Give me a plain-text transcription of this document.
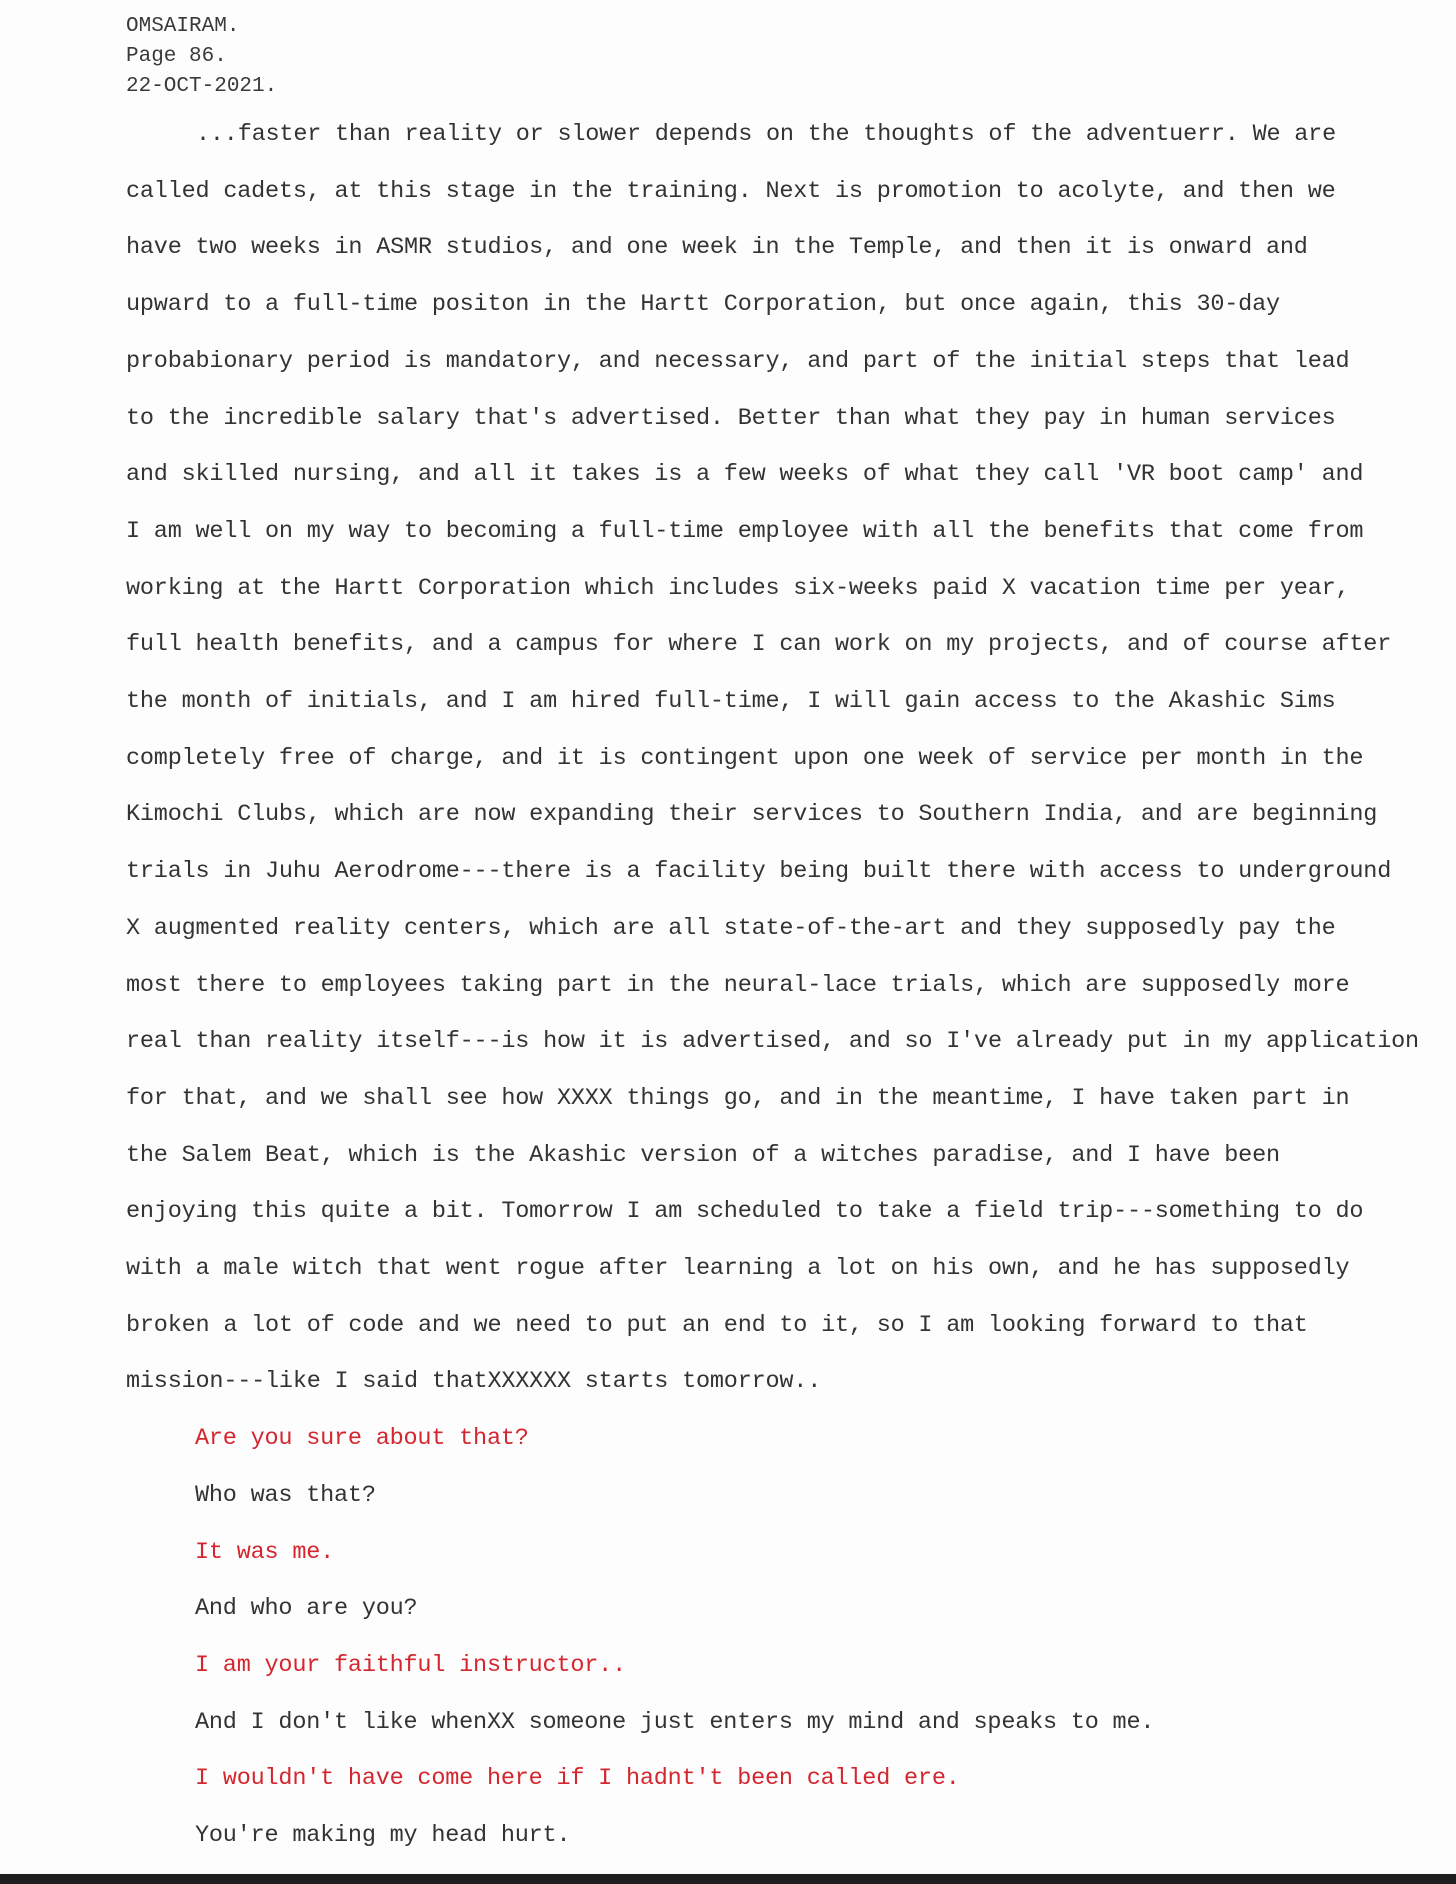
OMSAIRAM.
Page 86.
22-OCT-2021.
...faster than reality or slower depends on the thoughts of the adventuerr. We are
called cadets, at this stage in the training. Next is promotion to acolyte, and then we
have two weeks in ASMR studios, and one week in the Temple, and then it is onward and
upward to a full-time positon in the Hartt Corporation, but once again, this 30-day
probabionary period is mandatory, and necessary, and part of the initial steps that lead
to the incredible salary that's advertised. Better than what they pay in human services
and skilled nursing, and all it takes is a few weeks of what they call 'VR boot camp' and
I am well on my way to becoming a full-time employee with all the benefits that come from
working at the Hartt Corporation which includes six-weeks paid X vacation time per year,
full health benefits, and a campus for where I can work on my projects, and of course after
the month of initials, and I am hired full-time, I will gain access to the Akashic Sims
completely free of charge, and it is contingent upon one week of service per month in the
Kimochi Clubs, which are now expanding their services to Southern India, and are beginning
trials in Juhu Aerodrome---there is a facility being built there with access to underground
X augmented reality centers, which are all state-of-the-art and they supposedly pay the
most there to employees taking part in the neural-lace trials, which are supposedly more
real than reality itself---is how it is advertised, and so I've already put in my application
for that, and we shall see how XXXX things go, and in the meantime, I have taken part in
the Salem Beat, which is the Akashic version of a witches paradise, and I have been
enjoying this quite a bit. Tomorrow I am scheduled to take a field trip---something to do
with a male witch that went rogue after learning a lot on his own, and he has supposedly
broken a lot of code and we need to put an end to it, so I am looking forward to that
mission---like I said thatXXXXXX starts tomorrow..
Are you sure about that?
Who was that?
It was me.
And who are you?
I am your faithful instructor..
And I don't like whenXX someone just enters my mind and speaks to me.
I wouldn't have come here if I hadnt't been called ere.
You're making my head hurt.
